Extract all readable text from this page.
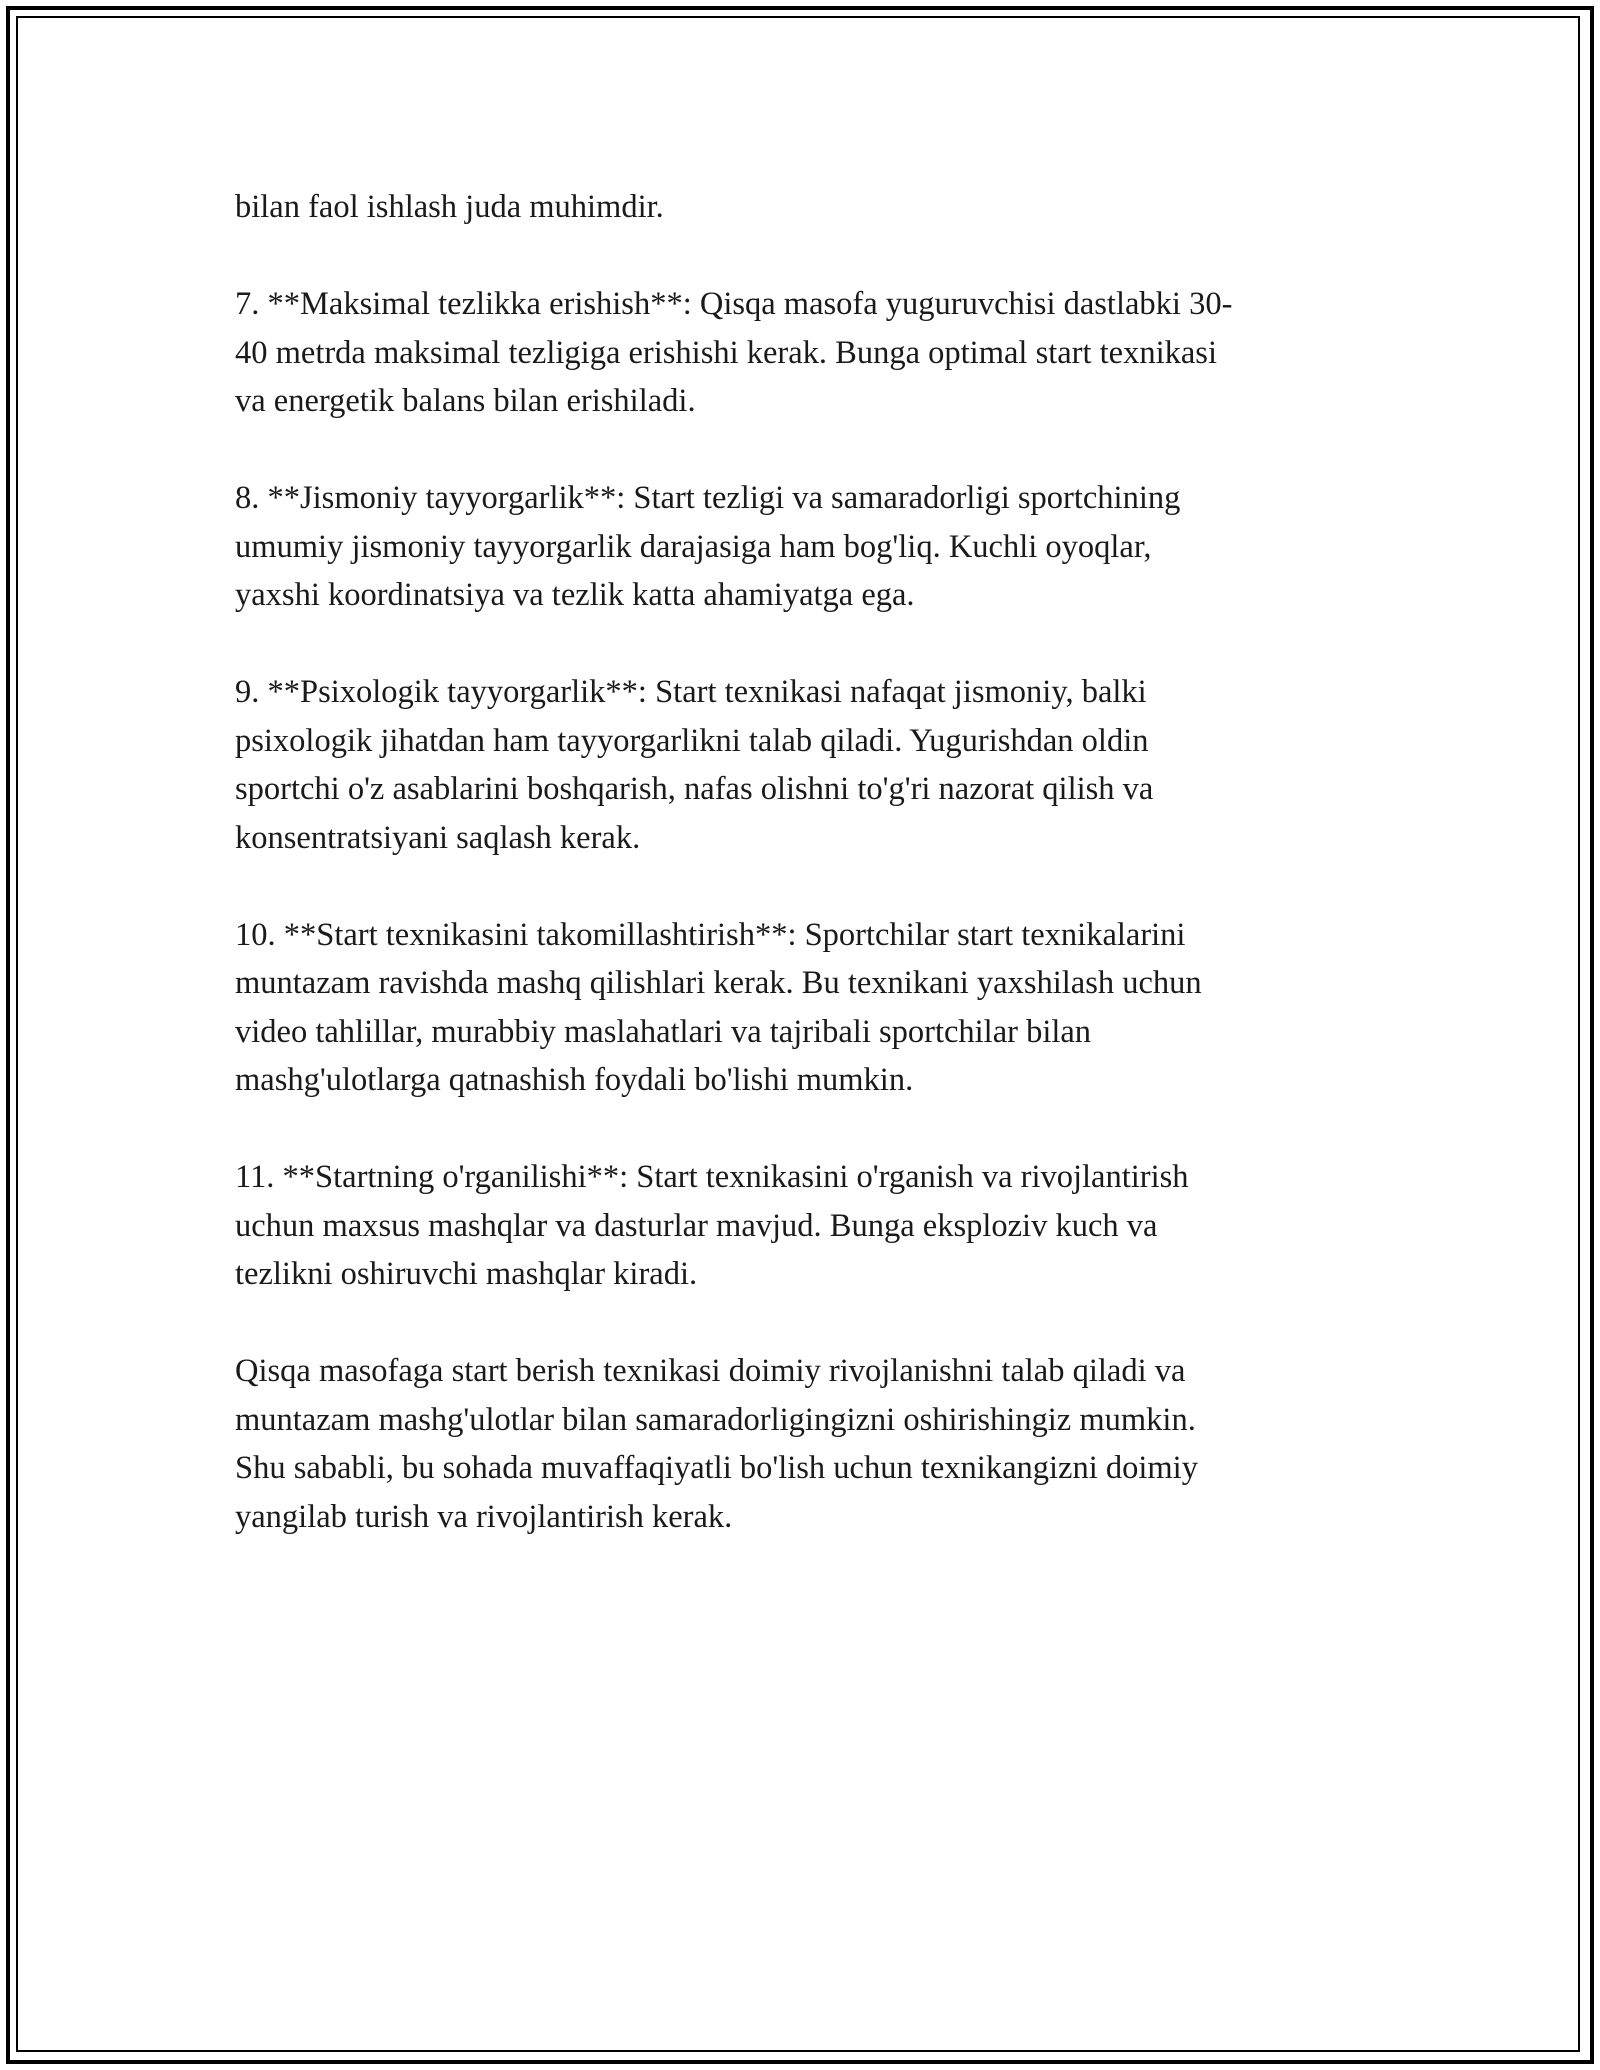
bilan faol ishlash juda muhimdir.

7. **Maksimal tezlikka erishish**: Qisqa masofa yuguruvchisi dastlabki 30-
40 metrda maksimal tezligiga erishishi kerak. Bunga optimal start texnikasi
va energetik balans bilan erishiladi.

8. **Jismoniy tayyorgarlik**: Start tezligi va samaradorligi sportchining
umumiy jismoniy tayyorgarlik darajasiga ham bog'liq. Kuchli oyoqlar,
yaxshi koordinatsiya va tezlik katta ahamiyatga ega.

9. **Psixologik tayyorgarlik**: Start texnikasi nafaqat jismoniy, balki
psixologik jihatdan ham tayyorgarlikni talab qiladi. Yugurishdan oldin
sportchi o'z asablarini boshqarish, nafas olishni to'g'ri nazorat qilish va
konsentratsiyani saqlash kerak.

10. **Start texnikasini takomillashtirish**: Sportchilar start texnikalarini
muntazam ravishda mashq qilishlari kerak. Bu texnikani yaxshilash uchun
video tahlillar, murabbiy maslahatlari va tajribali sportchilar bilan
mashg'ulotlarga qatnashish foydali bo'lishi mumkin.

11. **Startning o'rganilishi**: Start texnikasini o'rganish va rivojlantirish
uchun maxsus mashqlar va dasturlar mavjud. Bunga eksploziv kuch va
tezlikni oshiruvchi mashqlar kiradi.

Qisqa masofaga start berish texnikasi doimiy rivojlanishni talab qiladi va
muntazam mashg'ulotlar bilan samaradorligingizni oshirishingiz mumkin.
Shu sababli, bu sohada muvaffaqiyatli bo'lish uchun texnikangizni doimiy
yangilab turish va rivojlantirish kerak.
